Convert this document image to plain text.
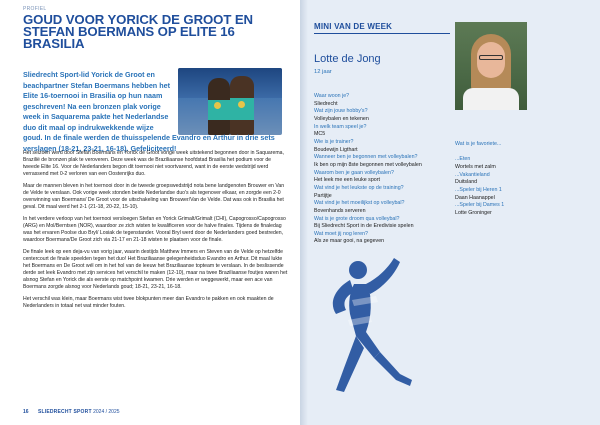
PROFIEL
GOUD VOOR YORICK DE GROOT EN STEFAN BOERMANS OP ELITE 16 BRASILIA
Sliedrecht Sport-lid Yorick de Groot en
beachpartner Stefan Boermans hebben het
Elite 16-toernooi in Brasilia op hun naam
geschreven! Na een bronzen plak vorige
week in Saquarema pakte het Nederlandse
duo dit maal op indrukwekkende wijze
goud. In de finale werden de thuisspelende Evandro en Arthur in drie sets verslagen (18-21, 23-21, 16-18). Gefeliciteerd!

Het seizoen werd door Stefan Boermans en Yorick de Groot vorige week uitstekend begonnen door in Saquarema, Brazilië de bronzen plak te veroveren. Deze week was de Braziliaanse hoofdstad Brasilia het podium voor de tweede Elite 16. Voor de Nederlanders begon dit toernooi niet voortvarend, want in de eerste wedstrijd werd verrassend met 0-2 verloren van een Oostenrijks duo.

Maar de mannen bleven in het toernooi door in de tweede groepswedstrijd nota bene landgenoten Brouwer en Van de Velde te verslaan. Ook vorige week stonden beide Nederlandse duo's als tegenover elkaar, en zorgde een 2-0 overwinning van Boermans/ De Groot voor de uitschakeling van Brouwer/Van de Velde. Dat was ook in Brasilia het geval. Dit maal werd het 2-1 (21-18, 20-22, 15-10).

In het verdere verloop van het toernooi versloegen Stefan en Yorick Grimalt/Grimalt (CHI), Capogrosso/Capogrosso (ARG) en Mol/Berntsen (NOR), waardoor ze zich wisten te kwalificeren voor de halve finales. Tijdens de finaledag was het ervaren Poolse duo Bryl/ Losiak de tegenstander. Vooral Bryl werd door de Nederlanders goed bestreden, waardoor Boermans/De Groot zich via 21-17 en 21-18 wisten te plaatsen voor de finale.

De finale leek op een deja-vu van vorig jaar, waarin destijds Matthew Immers en Steven van de Velde op hetzelfde centercourt de finale speelden tegen het duo! Het Braziliaanse gelegenheidsduo Evandro en Arthur. Dit maal lukte het Boermans en De Groot wél om in het hol van de leeuw het Braziliaanse topteam te verslaan. In de beslissende derde set leek Evandro met zijn services het verschil te maken (12-10), maar na twee Braziliaanse foutjes waren het alsnog Stefan en Yorick die als eerste op matchpoint kwamen. Drie werden er weggewerkt, maar een ace van Boermans zorgde alsnog voor Nederlands goud; 18-21, 23-21, 16-18.

Het verschil was klein, maar Boermans wist twee blokpunten meer dan Evandro te pakken en ook maakten de Nederlanders in totaal net wat minder fouten.

16 SLIEDRECHT SPORT 2024 / 2025
MINI VAN DE WEEK
Lotte de Jong
12 jaar
Waar woon je?
Sliedrecht
Wat zijn jouw hobby's?
Volleybalen en tekenen
In welk team speel je?
MC5
Wie is je trainer?
Boudewijn Ligthart
Wanneer ben je begonnen met volleybalen?
Ik ben op mijn 8ste begonnen met volleybalen
Waarom ben je gaan volleybalen?
Het leek me een leuke sport
Wat vind je het leukste op de training?
Partijtje
Wat vind je het moeilijkst op volleybal?
Bovenhands serveren
Wat is je grote droom qua volleybal?
Bij Sliedrecht Sport in de Eredivisie spelen
Wat moet jij nog leren?
Als ze maar gooi, na gegeven
Wat is je favoriete...
...Eten
Wortels met zalm
...Vakantieland
Duitsland
...Speler bij Heren 1
Daan Haanappel
...Speler bij Dames 1
Lotte Groninger
